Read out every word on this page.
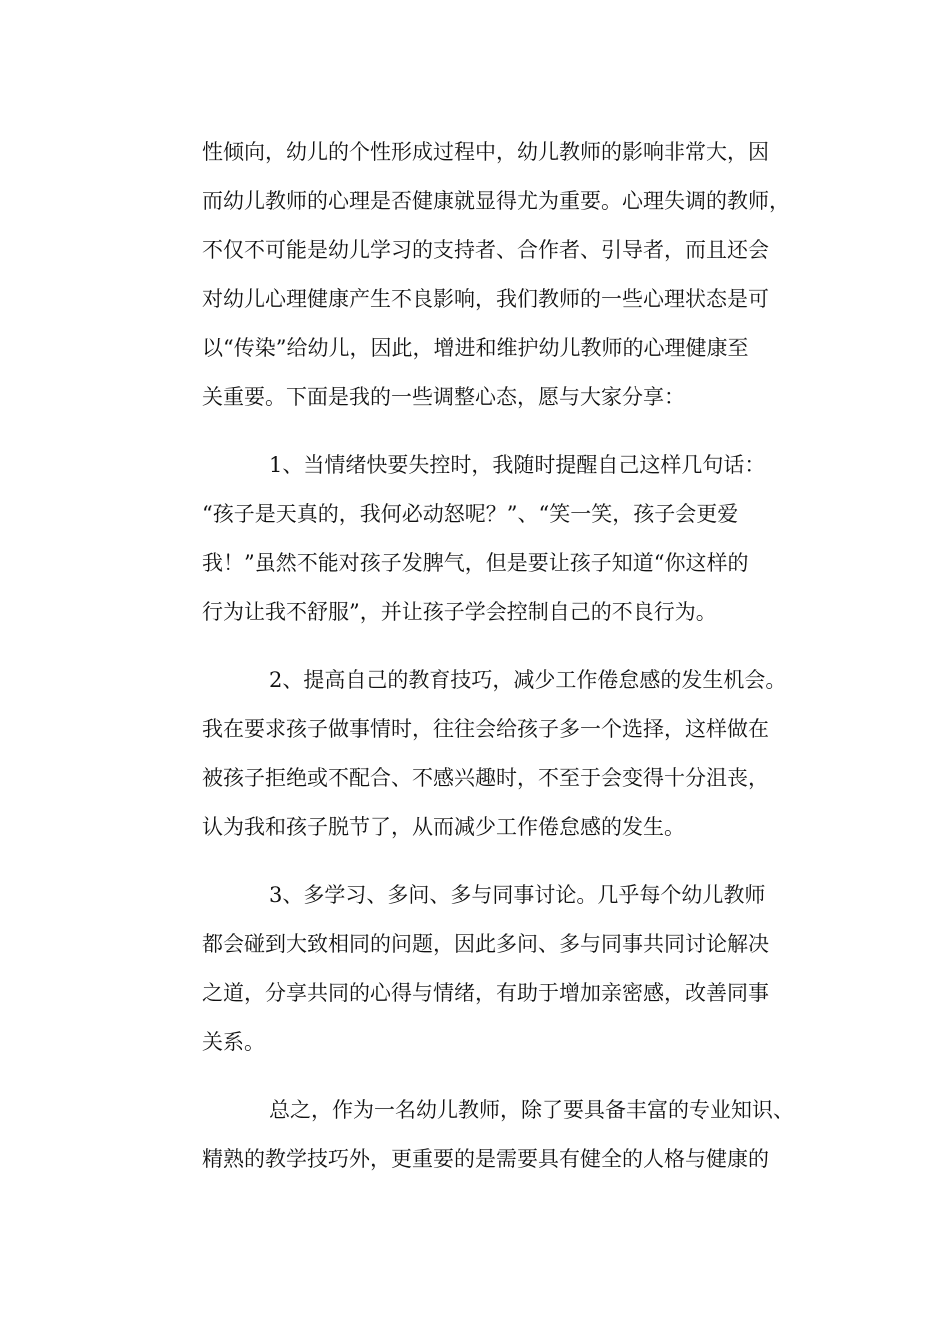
性倾向，幼儿的个性形成过程中，幼儿教师的影响非常大，因
而幼儿教师的心理是否健康就显得尤为重要。心理失调的教师，
不仅不可能是幼儿学习的支持者、合作者、引导者，而且还会
对幼儿心理健康产生不良影响，我们教师的一些心理状态是可
以“传染”给幼儿，因此，增进和维护幼儿教师的心理健康至
关重要。下面是我的一些调整心态，愿与大家分享：
1、当情绪快要失控时，我随时提醒自己这样几句话：
“孩子是天真的，我何必动怒呢？”、“笑一笑，孩子会更爱
我！”虽然不能对孩子发脾气，但是要让孩子知道“你这样的
行为让我不舒服”，并让孩子学会控制自己的不良行为。
2、提高自己的教育技巧，减少工作倦怠感的发生机会。
我在要求孩子做事情时，往往会给孩子多一个选择，这样做在
被孩子拒绝或不配合、不感兴趣时，不至于会变得十分沮丧，
认为我和孩子脱节了，从而减少工作倦怠感的发生。
3、多学习、多问、多与同事讨论。几乎每个幼儿教师
都会碰到大致相同的问题，因此多问、多与同事共同讨论解决
之道，分享共同的心得与情绪，有助于增加亲密感，改善同事
关系。
总之，作为一名幼儿教师，除了要具备丰富的专业知识、
精熟的教学技巧外，更重要的是需要具有健全的人格与健康的
